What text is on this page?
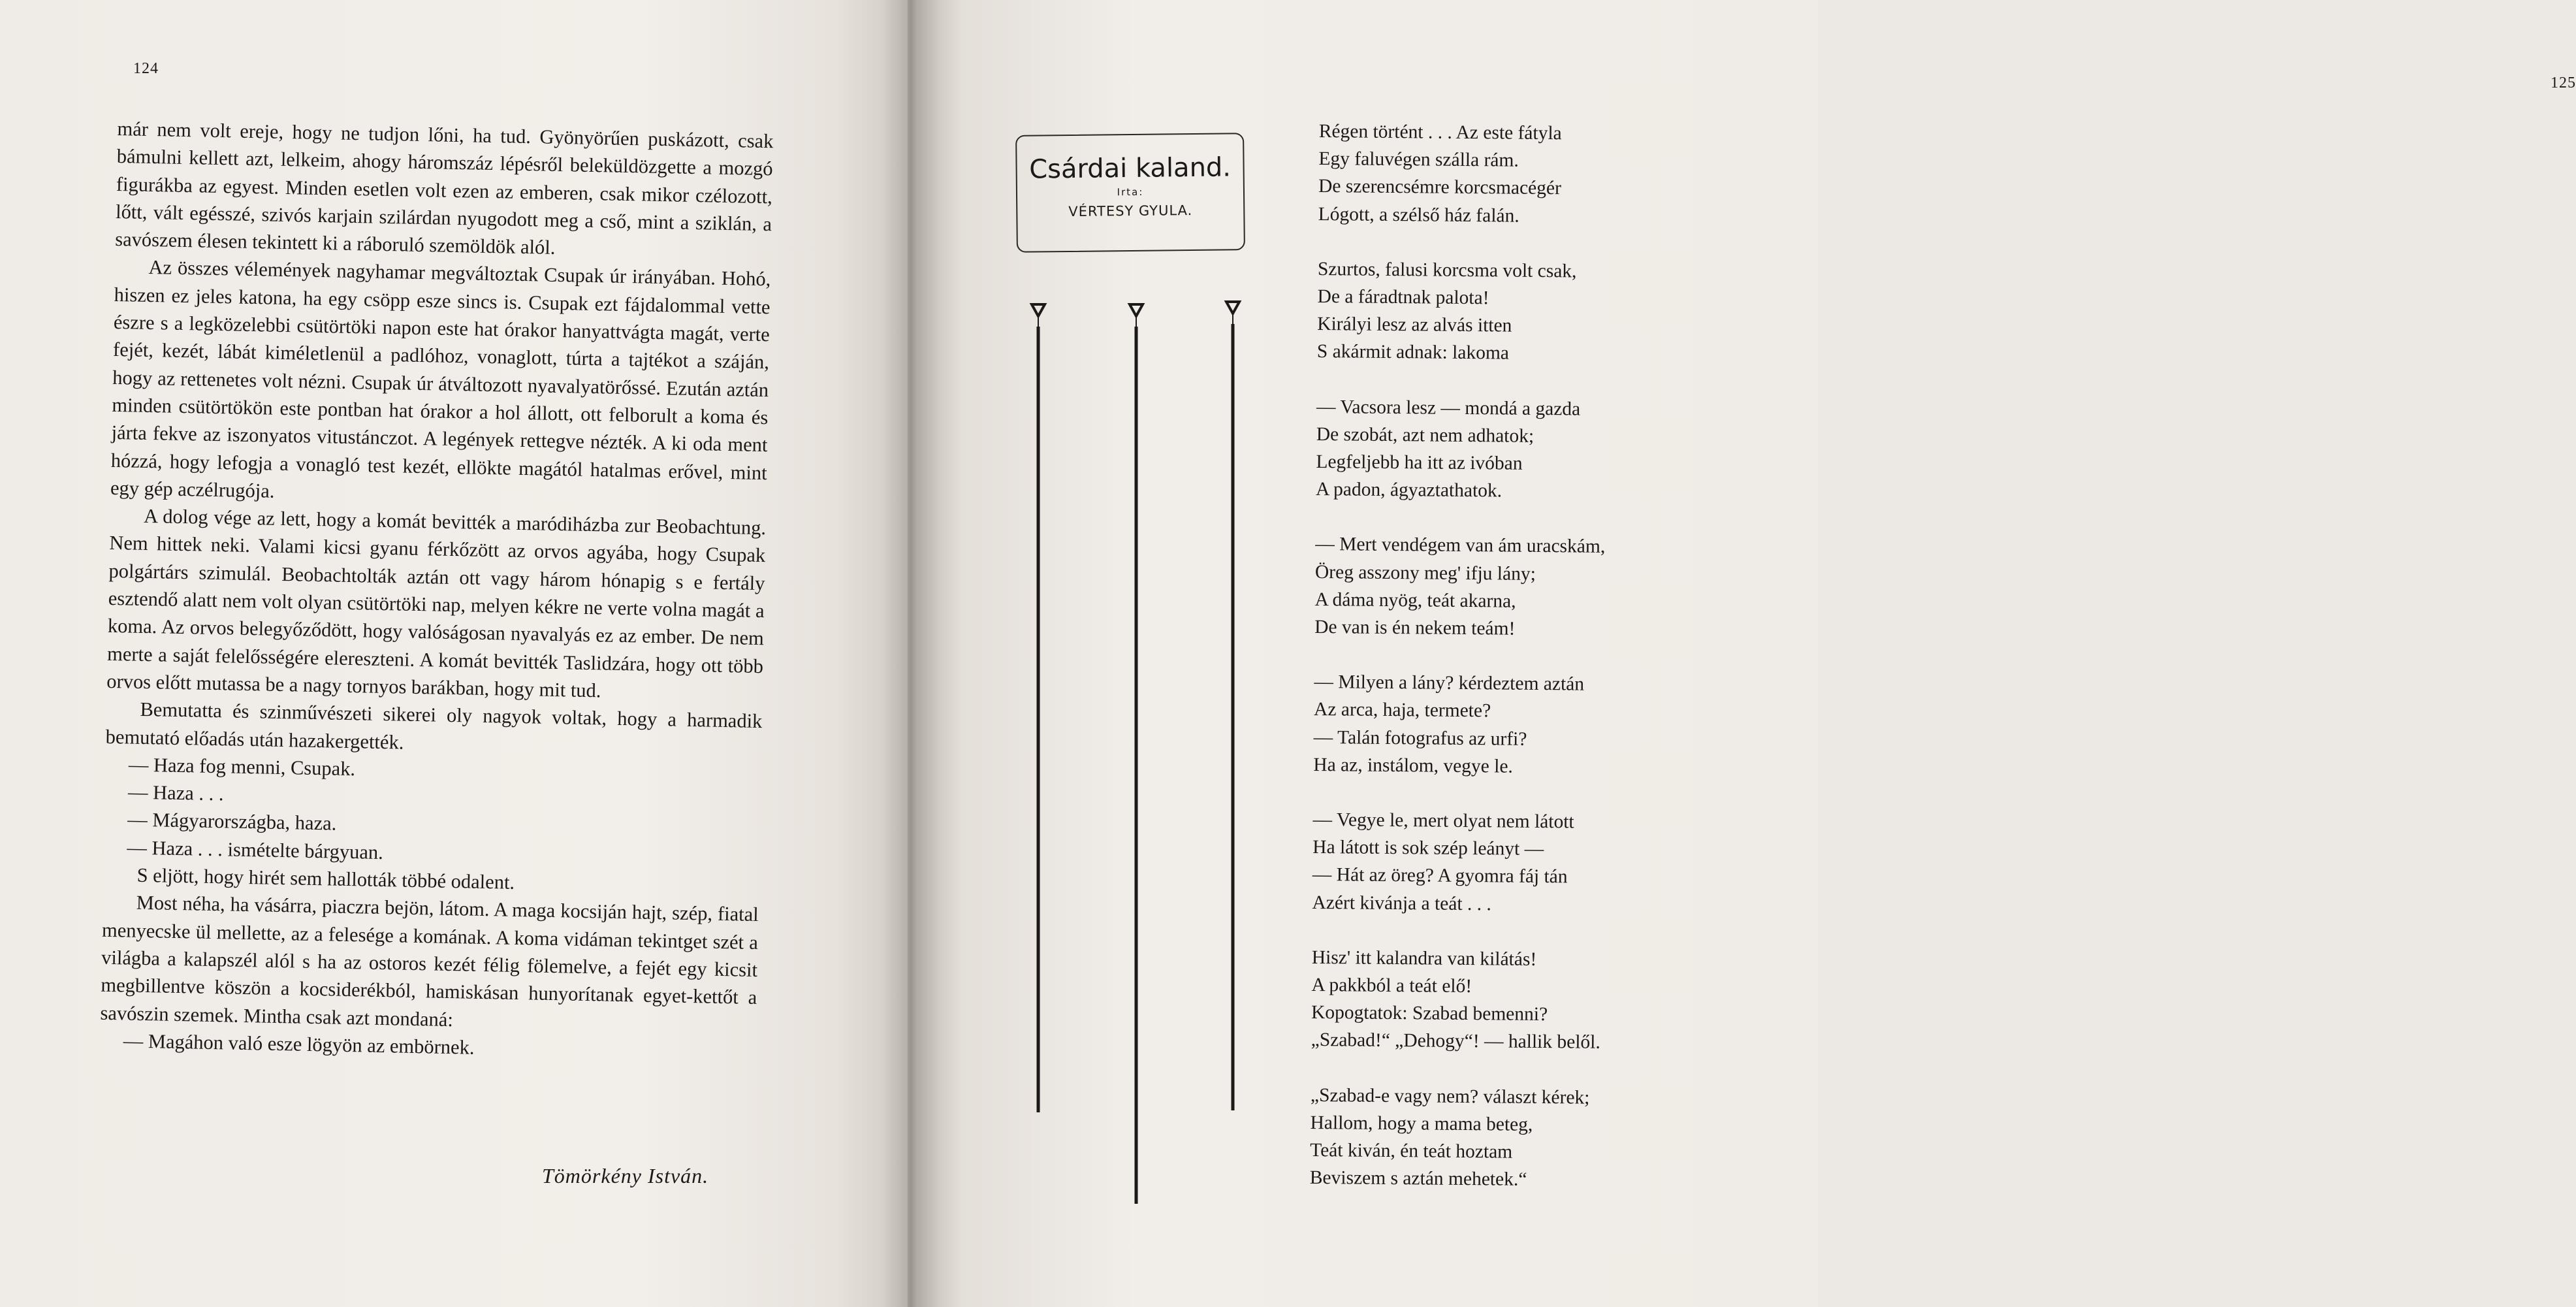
124

már nem volt ereje, hogy ne tudjon lőni, ha tud. Gyönyörűen puskázott, csak bámulni kellett azt, lelkeim, ahogy háromszáz lépésről beleküldözgette a mozgó figurákba az egyest. Minden esetlen volt ezen az emberen, csak mikor czélozott, lőtt, vált egésszé, szivós karjain szilárdan nyugodott meg a cső, mint a sziklán, a savószem élesen tekintett ki a ráboruló szemöldök alól.

Az összes vélemények nagyhamar megváltoztak Csupak úr irányában. Hohó, hiszen ez jeles katona, ha egy csöpp esze sincs is. Csupak ezt fájdalommal vette észre s a legközelebbi csütörtöki napon este hat órakor hanyattvágta magát, verte fejét, kezét, lábát kiméletlenül a padlóhoz, vonaglott, túrta a tajtékot a száján, hogy az rettenetes volt nézni. Csupak úr átváltozott nyavalyatörőssé. Ezután aztán minden csütörtökön este pontban hat órakor a hol állott, ott felborult a koma és járta fekve az iszonyatos vitustánczot. A legények rettegve nézték. A ki oda ment hózzá, hogy lefogja a vonagló test kezét, ellökte magától hatalmas erővel, mint egy gép aczélrugója.

A dolog vége az lett, hogy a komát bevitték a maródiházba zur Beobachtung. Nem hittek neki. Valami kicsi gyanu férkőzött az orvos agyába, hogy Csupak polgártárs szimulál. Beobachtolták aztán ott vagy három hónapig s e fertály esztendő alatt nem volt olyan csütörtöki nap, melyen kékre ne verte volna magát a koma. Az orvos belegyőződött, hogy valóságosan nyavalyás ez az ember. De nem merte a saját felelősségére elereszteni. A komát bevitték Taslidzára, hogy ott több orvos előtt mutassa be a nagy tornyos barákban, hogy mit tud.

Bemutatta és szinművészeti sikerei oly nagyok voltak, hogy a harmadik bemutató előadás után hazakergették.

— Haza fog menni, Csupak.

— Haza . . .

— Mágyarországba, haza.

— Haza . . . ismételte bárgyuan.

S eljött, hogy hirét sem hallották többé odalent.

Most néha, ha vásárra, piaczra bejön, látom. A maga kocsiján hajt, szép, fiatal menyecske ül mellette, az a felesége a komának. A koma vidáman tekintget szét a világba a kalapszél alól s ha az ostoros kezét félig fölemelve, a fejét egy kicsit megbillentve köszön a kocsiderékból, hamiskásan hunyorítanak egyet-kettőt a savószin szemek. Mintha csak azt mondaná:

— Magáhon való esze lögyön az embörnek.

Tömörkény István.
125
Csárdai kaland.
Irta:
VÉRTESY GYULA.
Régen történt . . . Az este fátyla
Egy faluvégen szálla rám.
De szerencsémre korcsmacégér
Lógott, a szélső ház falán.
Szurtos, falusi korcsma volt csak,
De a fáradtnak palota!
Királyi lesz az alvás itten
S akármit adnak: lakoma
— Vacsora lesz — mondá a gazda
De szobát, azt nem adhatok;
Legfeljebb ha itt az ivóban
A padon, ágyaztathatok.
— Mert vendégem van ám uracskám,
Öreg asszony meg' ifju lány;
A dáma nyög, teát akarna,
De van is én nekem teám!
— Milyen a lány? kérdeztem aztán
Az arca, haja, termete?
— Talán fotografus az urfi?
Ha az, instálom, vegye le.
— Vegye le, mert olyat nem látott
Ha látott is sok szép leányt —
— Hát az öreg? A gyomra fáj tán
Azért kivánja a teát . . .
Hisz' itt kalandra van kilátás!
A pakkból a teát elő!
Kopogtatok: Szabad bemenni?
„Szabad!“ „Dehogy“! — hallik belől.
„Szabad-e vagy nem? választ kérek;
Hallom, hogy a mama beteg,
Teát kiván, én teát hoztam
Beviszem s aztán mehetek.“
